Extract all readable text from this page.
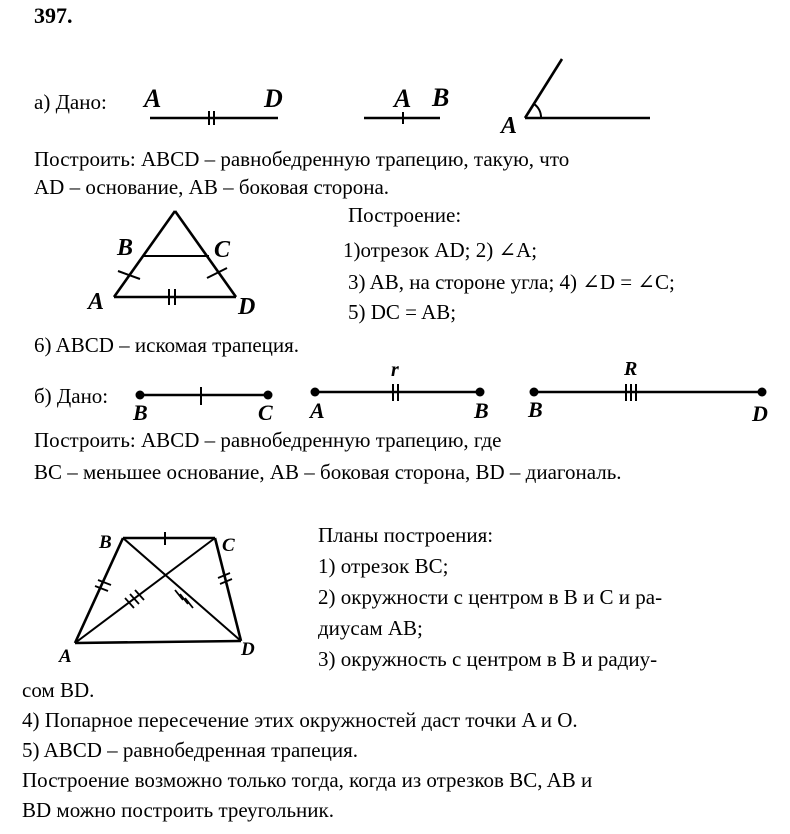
397.
а) Дано: A	D	A B
A
Построить: ABCD – равнобедренную трапецию, такую, что
AD – основание, AB – боковая сторона.
B	C
A	D
Построение:
1)отрезок AD; 2) ∠A;
3) AB, на стороне угла; 4) ∠D = ∠C;
5) DC = AB;
6) ABCD – искомая трапеция.
б) Дано:
B	C
r
A	B
R
B	D
Построить: ABCD – равнобедренную трапецию, где
BC – меньшее основание, AB – боковая сторона, BD – диагональ.
B	C
A	D
Планы построения:
1) отрезок BC;
2) окружности с центром в B и C и ра-
диусам AB;
3) окружность с центром в B и радиу-
сом BD.
4) Попарное пересечение этих окружностей даст точки A и O.
5) ABCD – равнобедренная трапеция.
Построение возможно только тогда, когда из отрезков BC, AB и
BD можно построить треугольник.
